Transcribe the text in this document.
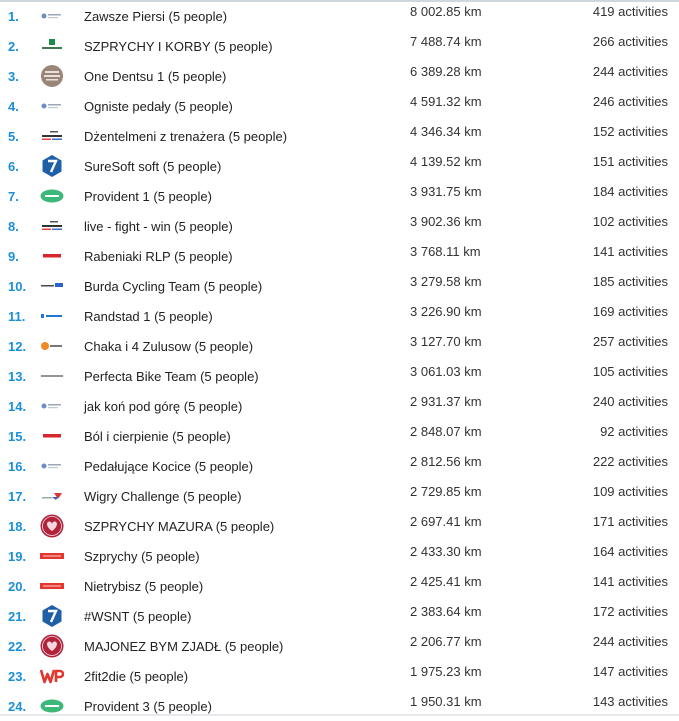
1.	Zawsze Piersi (5 people)	8 002.85 km	419 activities
2.	SZPRYCHY I KORBY (5 people)	7 488.74 km	266 activities
3.	One Dentsu 1 (5 people)	6 389.28 km	244 activities
4.	Ogniste pedały (5 people)	4 591.32 km	246 activities
5.	Dżentelmeni z trenażera (5 people)	4 346.34 km	152 activities
6.	SureSoft soft (5 people)	4 139.52 km	151 activities
7.	Provident 1 (5 people)	3 931.75 km	184 activities
8.	live - fight - win (5 people)	3 902.36 km	102 activities
9.	Rabeniaki RLP (5 people)	3 768.11 km	141 activities
10.	Burda Cycling Team (5 people)	3 279.58 km	185 activities
11.	Randstad 1 (5 people)	3 226.90 km	169 activities
12.	Chaka i 4 Zulusow (5 people)	3 127.70 km	257 activities
13.	Perfecta Bike Team (5 people)	3 061.03 km	105 activities
14.	jak koń pod górę (5 people)	2 931.37 km	240 activities
15.	Ból i cierpienie (5 people)	2 848.07 km	92 activities
16.	Pedałujące Kocice (5 people)	2 812.56 km	222 activities
17.	Wigry Challenge (5 people)	2 729.85 km	109 activities
18.	SZPRYCHY MAZURA (5 people)	2 697.41 km	171 activities
19.	Szprychy (5 people)	2 433.30 km	164 activities
20.	Nietrybisz (5 people)	2 425.41 km	141 activities
21.	#WSNT (5 people)	2 383.64 km	172 activities
22.	MAJONEZ BYM ZJADŁ (5 people)	2 206.77 km	244 activities
23.	2fit2die (5 people)	1 975.23 km	147 activities
24.	Provident 3 (5 people)	1 950.31 km	143 activities
